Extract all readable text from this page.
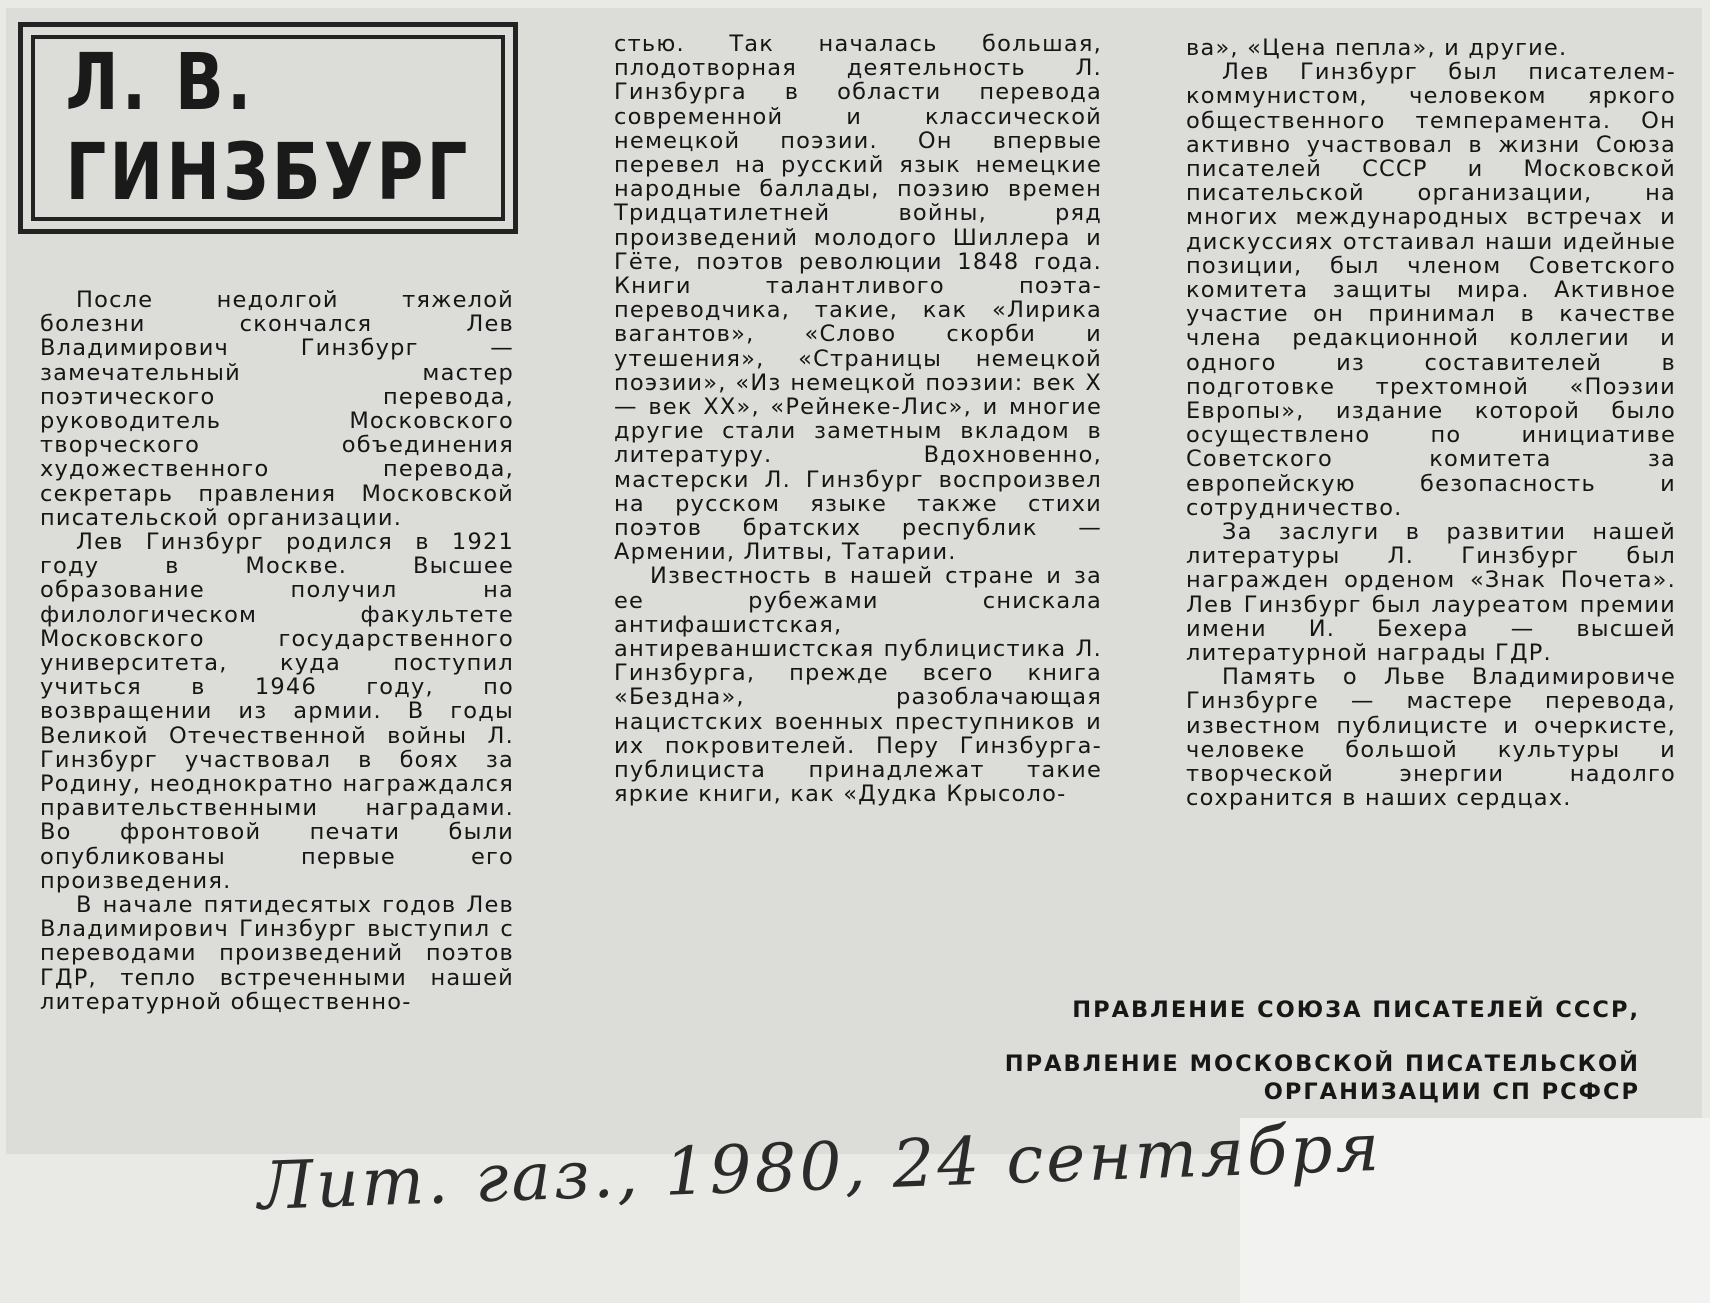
Л. В. ГИНЗБУРГ

После недолгой тяжелой болезни скончался Лев Владимирович Гинзбург — замечательный мастер поэтического перевода, руководитель Московского творческого объединения художественного перевода, секретарь правления Московской писательской организации.

Лев Гинзбург родился в 1921 году в Москве. Высшее образование получил на филологическом факультете Московского государственного университета, куда поступил учиться в 1946 году, по возвращении из армии. В годы Великой Отечественной войны Л. Гинзбург участвовал в боях за Родину, неоднократно награждался правительственными наградами. Во фронтовой печати были опубликованы первые его произведения.

В начале пятидесятых годов Лев Владимирович Гинзбург выступил с переводами произведений поэтов ГДР, тепло встреченными нашей литературной общественно-

стью. Так началась большая, плодотворная деятельность Л. Гинзбурга в области перевода современной и классической немецкой поэзии. Он впервые перевел на русский язык немецкие народные баллады, поэзию времен Тридцатилетней войны, ряд произведений молодого Шиллера и Гёте, поэтов революции 1848 года. Книги талантливого поэта-переводчика, такие, как «Лирика вагантов», «Слово скорби и утешения», «Страницы немецкой поэзии», «Из немецкой поэзии: век X — век XX», «Рейнеке-Лис», и многие другие стали заметным вкладом в литературу. Вдохновенно, мастерски Л. Гинзбург воспроизвел на русском языке также стихи поэтов братских республик — Армении, Литвы, Татарии.

Известность в нашей стране и за ее рубежами снискала антифашистская, антиреваншистская публицистика Л. Гинзбурга, прежде всего книга «Бездна», разоблачающая нацистских военных преступников и их покровителей. Перу Гинзбурга-публициста принадлежат такие яркие книги, как «Дудка Крысоло-

ва», «Цена пепла», и другие.

Лев Гинзбург был писателем-коммунистом, человеком яркого общественного темперамента. Он активно участвовал в жизни Союза писателей СССР и Московской писательской организации, на многих международных встречах и дискуссиях отстаивал наши идейные позиции, был членом Советского комитета защиты мира. Активное участие он принимал в качестве члена редакционной коллегии и одного из составителей в подготовке трехтомной «Поэзии Европы», издание которой было осуществлено по инициативе Советского комитета за европейскую безопасность и сотрудничество.

За заслуги в развитии нашей литературы Л. Гинзбург был награжден орденом «Знак Почета». Лев Гинзбург был лауреатом премии имени И. Бехера — высшей литературной награды ГДР.

Память о Льве Владимировиче Гинзбурге — мастере перевода, известном публицисте и очеркисте, человеке большой культуры и творческой энергии надолго сохранится в наших сердцах.

ПРАВЛЕНИЕ СОЮЗА ПИСАТЕЛЕЙ СССР,
ПРАВЛЕНИЕ МОСКОВСКОЙ ПИСАТЕЛЬСКОЙ
ОРГАНИЗАЦИИ СП РСФСР
Лит. газ., 1980, 24 сентября
